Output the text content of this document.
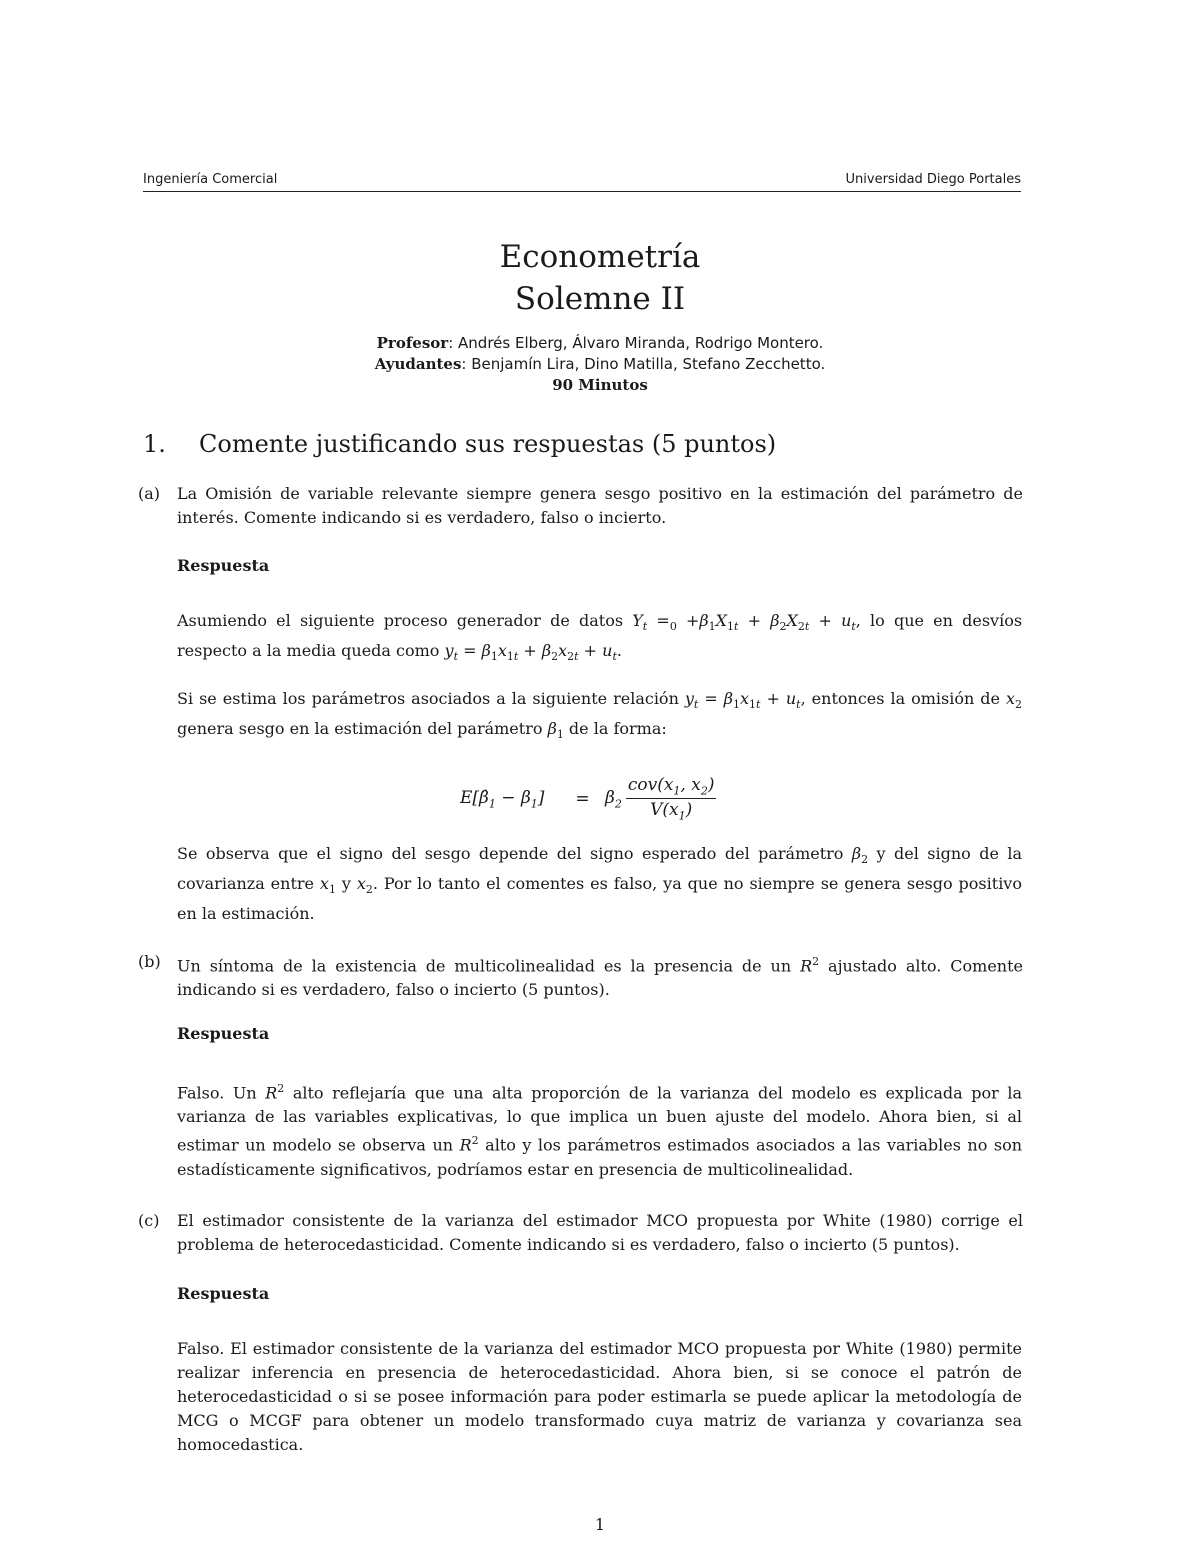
Ingeniería Comercial	Universidad Diego Portales
Econometría
Solemne II
Profesor: Andrés Elberg, Álvaro Miranda, Rodrigo Montero.
Ayudantes: Benjamín Lira, Dino Matilla, Stefano Zecchetto.
90 Minutos
1. Comente justificando sus respuestas (5 puntos)
(a)	La Omisión de variable relevante siempre genera sesgo positivo en la estimación del parámetro de interés. Comente indicando si es verdadero, falso o incierto.
Respuesta
Asumiendo el siguiente proceso generador de datos $Y_t =_0 +\beta_1X_{1t} + \beta_2X_{2t} + u_t$, lo que en desvíos respecto a la media queda como $y_t = \beta_1x_{1t} + \beta_2x_{2t} + u_t$.
Si se estima los parámetros asociados a la siguiente relación $y_t = \beta_1x_{1t} + u_t$, entonces la omisión de $x_2$ genera sesgo en la estimación del parámetro $\beta_1$ de la forma:
$E[\betâ_1 - \beta_1]$	= $\beta_2 \frac{cov(x_1, x_2)}{V(x_1)}$
Se observa que el signo del sesgo depende del signo esperado del parámetro $\beta_2$ y del signo de la covarianza entre $x_1$ y $x_2$. Por lo tanto el comentes es falso, ya que no siempre se genera sesgo positivo en la estimación.
(b)	Un síntoma de la existencia de multicolinealidad es la presencia de un $R^2$ ajustado alto. Comente indicando si es verdadero, falso o incierto (5 puntos).
Respuesta
Falso. Un $R^2$ alto reflejaría que una alta proporción de la varianza del modelo es explicada por la varianza de las variables explicativas, lo que implica un buen ajuste del modelo. Ahora bien, si al estimar un modelo se observa un $R^2$ alto y los parámetros estimados asociados a las variables no son estadísticamente significativos, podríamos estar en presencia de multicolinealidad.
(c)	El estimador consistente de la varianza del estimador MCO propuesta por White (1980) corrige el problema de heterocedasticidad. Comente indicando si es verdadero, falso o incierto (5 puntos).
Respuesta
Falso. El estimador consistente de la varianza del estimador MCO propuesta por White (1980) permite realizar inferencia en presencia de heterocedasticidad. Ahora bien, si se conoce el patrón de heterocedasticidad o si se posee información para poder estimarla se puede aplicar la metodología de MCG o MCGF para obtener un modelo transformado cuya matriz de varianza y covarianza sea homocedastica.
1
